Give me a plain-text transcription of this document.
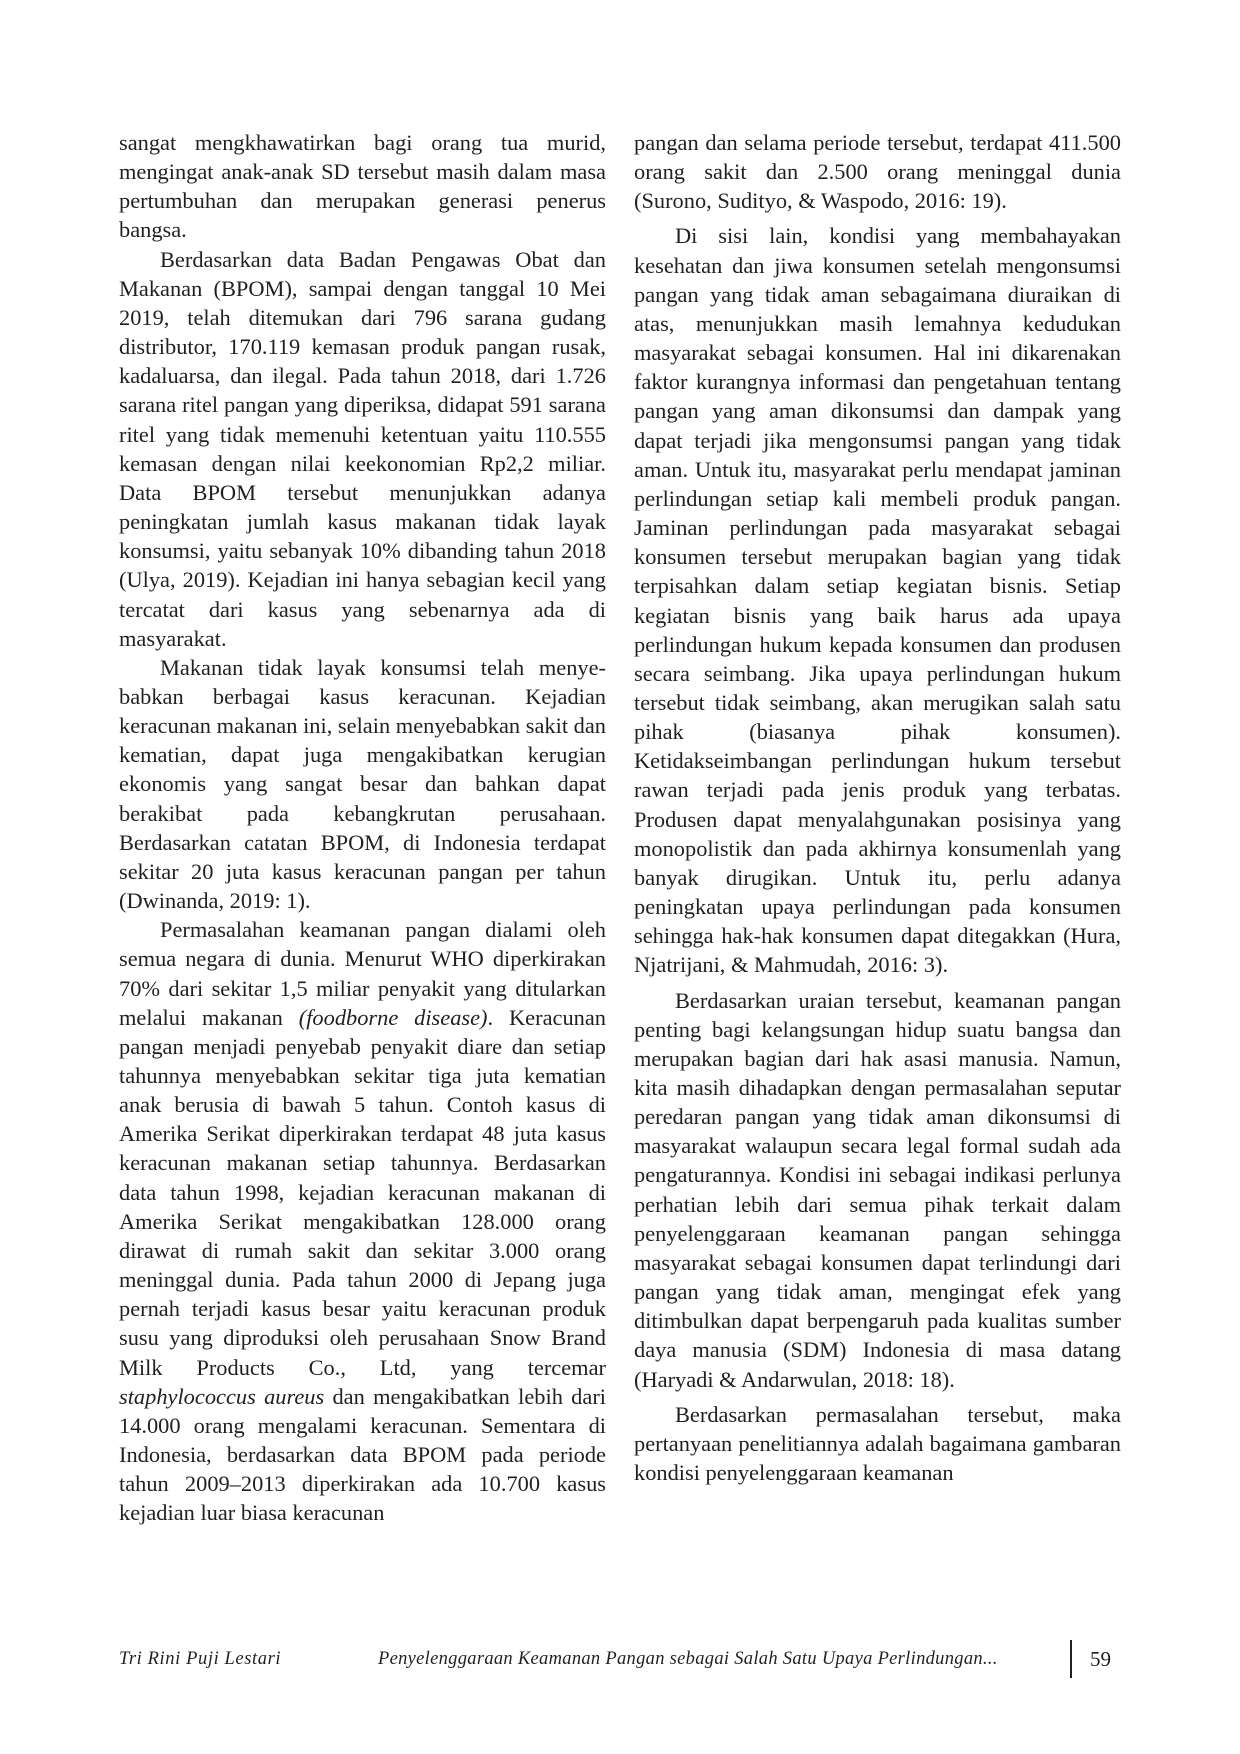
sangat mengkhawatirkan bagi orang tua murid, mengingat anak-anak SD tersebut masih dalam masa pertumbuhan dan merupakan generasi penerus bangsa.

Berdasarkan data Badan Pengawas Obat dan Makanan (BPOM), sampai dengan tanggal 10 Mei 2019, telah ditemukan dari 796 sarana gudang distributor, 170.119 kemasan produk pangan rusak, kadaluarsa, dan ilegal. Pada tahun 2018, dari 1.726 sarana ritel pangan yang diperiksa, didapat 591 sarana ritel yang tidak memenuhi ketentuan yaitu 110.555 kemasan dengan nilai keekonomian Rp2,2 miliar. Data BPOM tersebut menunjukkan adanya peningkatan jumlah kasus makanan tidak layak konsumsi, yaitu sebanyak 10% dibanding tahun 2018 (Ulya, 2019). Kejadian ini hanya sebagian kecil yang tercatat dari kasus yang sebenarnya ada di masyarakat.

Makanan tidak layak konsumsi telah menyebabkan berbagai kasus keracunan. Kejadian keracunan makanan ini, selain menyebabkan sakit dan kematian, dapat juga mengakibatkan kerugian ekonomis yang sangat besar dan bahkan dapat berakibat pada kebangkrutan perusahaan. Berdasarkan catatan BPOM, di Indonesia terdapat sekitar 20 juta kasus keracunan pangan per tahun (Dwinanda, 2019: 1).

Permasalahan keamanan pangan dialami oleh semua negara di dunia. Menurut WHO diperkirakan 70% dari sekitar 1,5 miliar penyakit yang ditularkan melalui makanan (foodborne disease). Keracunan pangan menjadi penyebab penyakit diare dan setiap tahunnya menyebabkan sekitar tiga juta kematian anak berusia di bawah 5 tahun. Contoh kasus di Amerika Serikat diperkirakan terdapat 48 juta kasus keracunan makanan setiap tahunnya. Berdasarkan data tahun 1998, kejadian keracunan makanan di Amerika Serikat mengakibatkan 128.000 orang dirawat di rumah sakit dan sekitar 3.000 orang meninggal dunia. Pada tahun 2000 di Jepang juga pernah terjadi kasus besar yaitu keracunan produk susu yang diproduksi oleh perusahaan Snow Brand Milk Products Co., Ltd, yang tercemar staphylococcus aureus dan mengakibatkan lebih dari 14.000 orang mengalami keracunan. Sementara di Indonesia, berdasarkan data BPOM pada periode tahun 2009–2013 diperkirakan ada 10.700 kasus kejadian luar biasa keracunan

pangan dan selama periode tersebut, terdapat 411.500 orang sakit dan 2.500 orang meninggal dunia (Surono, Sudityo, & Waspodo, 2016: 19).

Di sisi lain, kondisi yang membahayakan kesehatan dan jiwa konsumen setelah mengonsumsi pangan yang tidak aman sebagaimana diuraikan di atas, menunjukkan masih lemahnya kedudukan masyarakat sebagai konsumen. Hal ini dikarenakan faktor kurangnya informasi dan pengetahuan tentang pangan yang aman dikonsumsi dan dampak yang dapat terjadi jika mengonsumsi pangan yang tidak aman. Untuk itu, masyarakat perlu mendapat jaminan perlindungan setiap kali membeli produk pangan. Jaminan perlindungan pada masyarakat sebagai konsumen tersebut merupakan bagian yang tidak terpisahkan dalam setiap kegiatan bisnis. Setiap kegiatan bisnis yang baik harus ada upaya perlindungan hukum kepada konsumen dan produsen secara seimbang. Jika upaya perlindungan hukum tersebut tidak seimbang, akan merugikan salah satu pihak (biasanya pihak konsumen). Ketidakseimbangan perlindungan hukum tersebut rawan terjadi pada jenis produk yang terbatas. Produsen dapat menyalahgunakan posisinya yang monopolistik dan pada akhirnya konsumenlah yang banyak dirugikan. Untuk itu, perlu adanya peningkatan upaya perlindungan pada konsumen sehingga hak-hak konsumen dapat ditegakkan (Hura, Njatrijani, & Mahmudah, 2016: 3).

Berdasarkan uraian tersebut, keamanan pangan penting bagi kelangsungan hidup suatu bangsa dan merupakan bagian dari hak asasi manusia. Namun, kita masih dihadapkan dengan permasalahan seputar peredaran pangan yang tidak aman dikonsumsi di masyarakat walaupun secara legal formal sudah ada pengaturannya. Kondisi ini sebagai indikasi perlunya perhatian lebih dari semua pihak terkait dalam penyelenggaraan keamanan pangan sehingga masyarakat sebagai konsumen dapat terlindungi dari pangan yang tidak aman, mengingat efek yang ditimbulkan dapat berpengaruh pada kualitas sumber daya manusia (SDM) Indonesia di masa datang (Haryadi & Andarwulan, 2018: 18).

Berdasarkan permasalahan tersebut, maka pertanyaan penelitiannya adalah bagaimana gambaran kondisi penyelenggaraan keamanan

Tri Rini Puji Lestari	Penyelenggaraan Keamanan Pangan sebagai Salah Satu Upaya Perlindungan...	59
